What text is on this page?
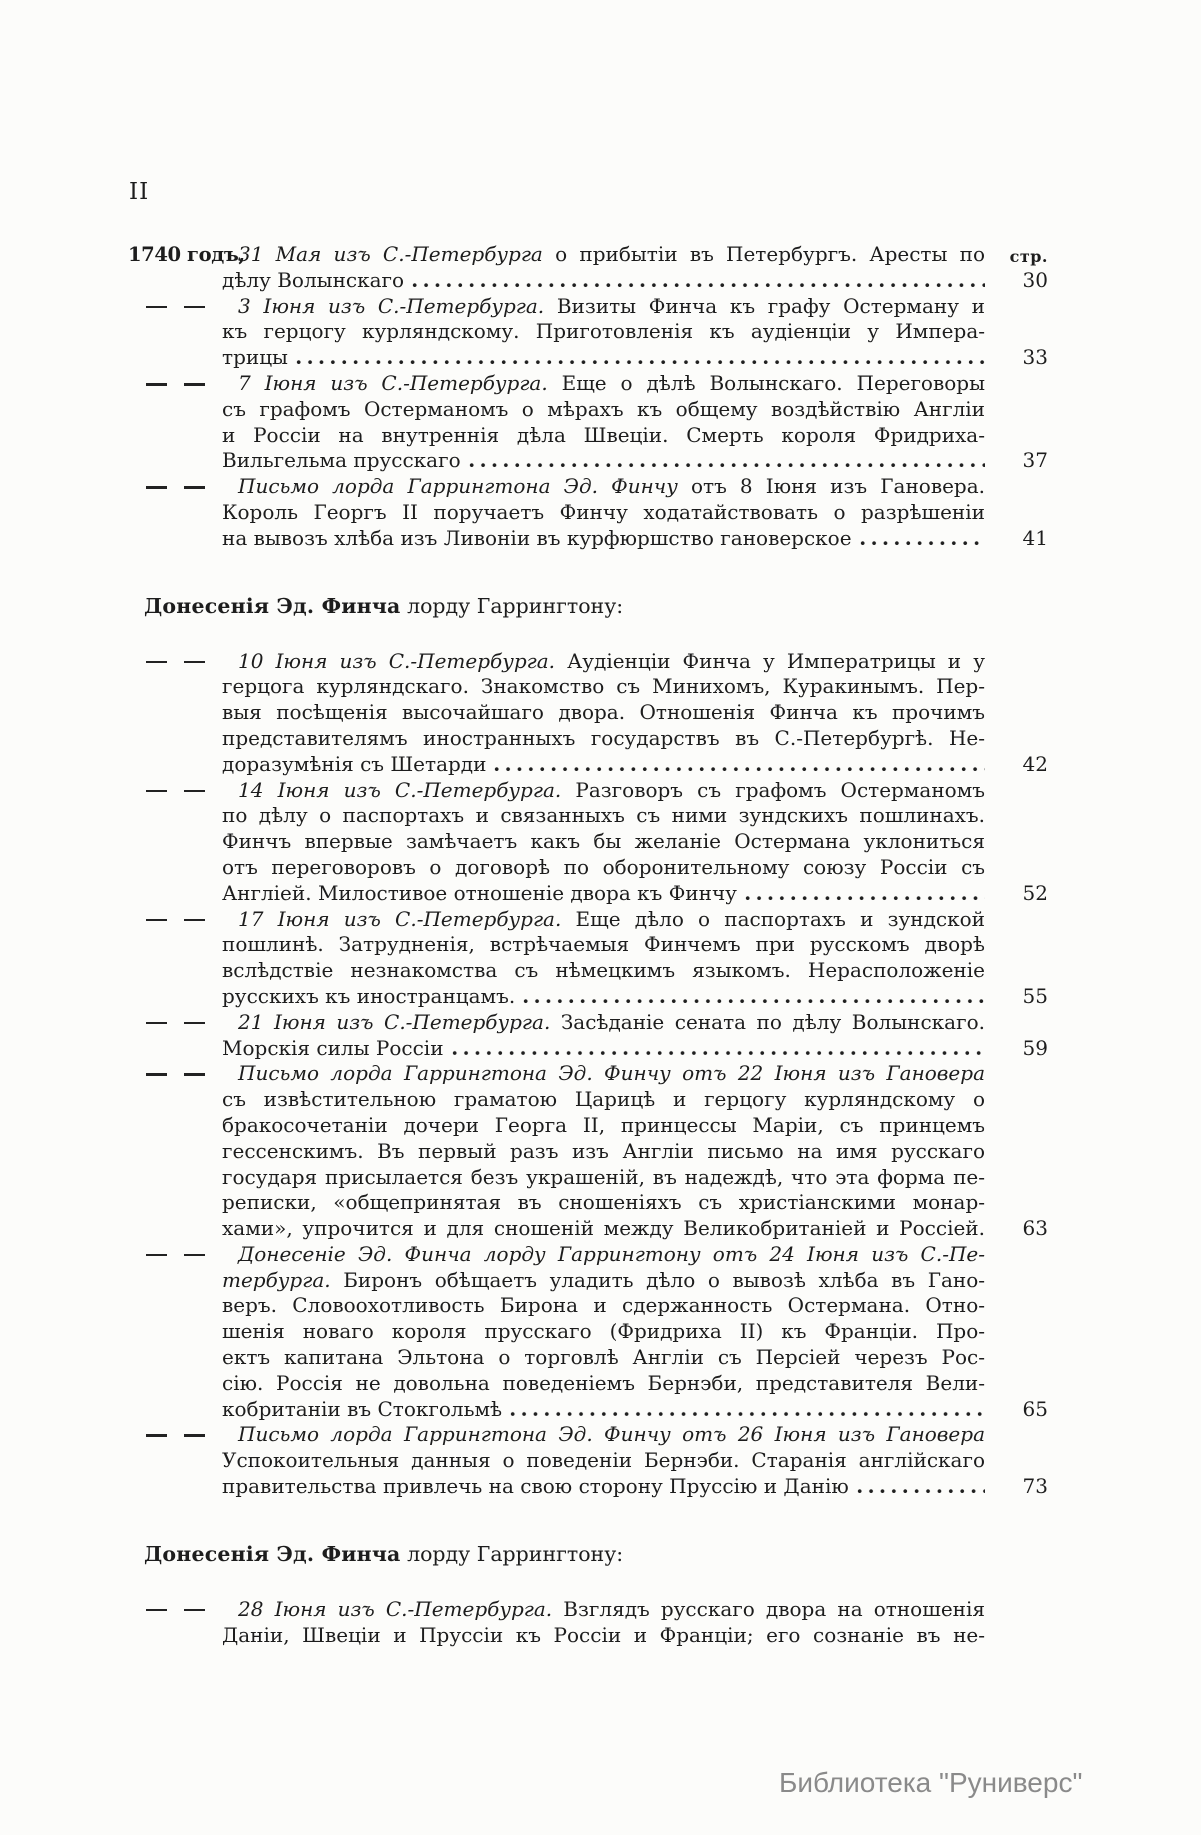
II
стр.
1740 годъ,
31 Мая изъ С.-Петербурга о прибытіи въ Петербургъ. Аресты по
дѣлу Волынскаго	30
3 Іюня изъ С.-Петербурга. Визиты Финча къ графу Остерману и
къ герцогу курляндскому. Приготовленія къ аудіенціи у Импера-
трицы	33
7 Іюня изъ С.-Петербурга. Еще о дѣлѣ Волынскаго. Переговоры
съ графомъ Остерманомъ о мѣрахъ къ общему воздѣйствію Англіи
и Россіи на внутреннія дѣла Швеціи. Смерть короля Фридриха-
Вильгельма прусскаго	37
Письмо лорда Гаррингтона Эд. Финчу отъ 8 Іюня изъ Гановера.
Король Георгъ II поручаетъ Финчу ходатайствовать о разрѣшеніи
на вывозъ хлѣба изъ Ливоніи въ курфюршство гановерское	41
Донесенія Эд. Финча лорду Гаррингтону:
10 Іюня изъ С.-Петербурга. Аудіенціи Финча у Императрицы и у
герцога курляндскаго. Знакомство съ Минихомъ, Куракинымъ. Пер-
выя посѣщенія высочайшаго двора. Отношенія Финча къ прочимъ
представителямъ иностранныхъ государствъ въ С.-Петербургѣ. Не-
доразумѣнія съ Шетарди	42
14 Іюня изъ С.-Петербурга. Разговоръ съ графомъ Остерманомъ
по дѣлу о паспортахъ и связанныхъ съ ними зундскихъ пошлинахъ.
Финчъ впервые замѣчаетъ какъ бы желаніе Остермана уклониться
отъ переговоровъ о договорѣ по оборонительному союзу Россіи съ
Англіей. Милостивое отношеніе двора къ Финчу	52
17 Іюня изъ С.-Петербурга. Еще дѣло о паспортахъ и зундской
пошлинѣ. Затрудненія, встрѣчаемыя Финчемъ при русскомъ дворѣ
вслѣдствіе незнакомства съ нѣмецкимъ языкомъ. Нерасположеніе
русскихъ къ иностранцамъ.	55
21 Іюня изъ С.-Петербурга. Засѣданіе сената по дѣлу Волынскаго.
Морскія силы Россіи	59
Письмо лорда Гаррингтона Эд. Финчу отъ 22 Іюня изъ Гановера
съ извѣстительною граматою Царицѣ и герцогу курляндскому о
бракосочетаніи дочери Георга II, принцессы Маріи, съ принцемъ
гессенскимъ. Въ первый разъ изъ Англіи письмо на имя русскаго
государя присылается безъ украшеній, въ надеждѣ, что эта форма пе-
реписки, «общепринятая въ сношеніяхъ съ христіанскими монар-
хами», упрочится и для сношеній между Великобританіей и Россіей. 63
Донесеніе Эд. Финча лорду Гаррингтону отъ 24 Іюня изъ С.-Пе-
тербурга. Биронъ обѣщаетъ уладить дѣло о вывозѣ хлѣба въ Гано-
веръ. Словоохотливость Бирона и сдержанность Остермана. Отно-
шенія новаго короля прусскаго (Фридриха II) къ Франціи. Про-
ектъ капитана Эльтона о торговлѣ Англіи съ Персіей черезъ Рос-
сію. Россія не довольна поведеніемъ Бернэби, представителя Вели-
кобританіи въ Стокгольмѣ	65
Письмо лорда Гаррингтона Эд. Финчу отъ 26 Іюня изъ Гановера
Успокоительныя данныя о поведеніи Бернэби. Старанія англійскаго
правительства привлечь на свою сторону Пруссію и Данію	73
Донесенія Эд. Финча лорду Гаррингтону:
28 Іюня изъ С.-Петербурга. Взглядъ русскаго двора на отношенія
Даніи, Швеціи и Пруссіи къ Россіи и Франціи; его сознаніе въ не-
Библиотека "Руниверс"
